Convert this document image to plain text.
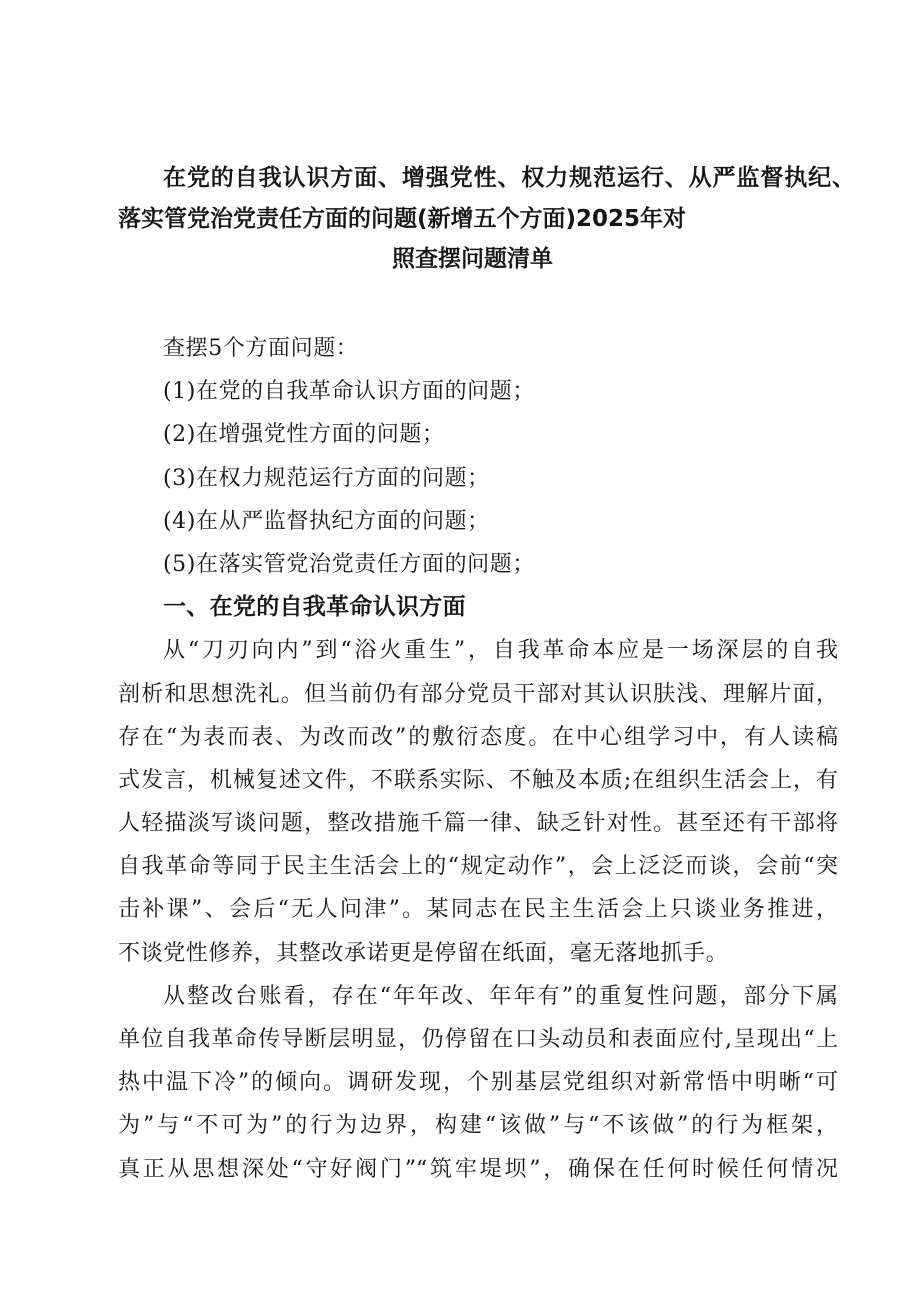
在党的自我认识方面、增强党性、权力规范运行、从严监督执纪、
落实管党治党责任方面的问题(新增五个方面)2025年对
照查摆问题清单
查摆5个方面问题：
(1)在党的自我革命认识方面的问题；
(2)在增强党性方面的问题；
(3)在权力规范运行方面的问题；
(4)在从严监督执纪方面的问题；
(5)在落实管党治党责任方面的问题；
一、在党的自我革命认识方面
从“刀刃向内”到“浴火重生”，自我革命本应是一场深层的自我
剖析和思想洗礼。但当前仍有部分党员干部对其认识肤浅、理解片面，
存在“为表而表、为改而改”的敷衍态度。在中心组学习中，有人读稿
式发言，机械复述文件，不联系实际、不触及本质;在组织生活会上，有
人轻描淡写谈问题，整改措施千篇一律、缺乏针对性。甚至还有干部将
自我革命等同于民主生活会上的“规定动作”，会上泛泛而谈，会前“突
击补课”、会后“无人问津”。某同志在民主生活会上只谈业务推进，
不谈党性修养，其整改承诺更是停留在纸面，毫无落地抓手。
从整改台账看，存在“年年改、年年有”的重复性问题，部分下属
单位自我革命传导断层明显，仍停留在口头动员和表面应付,呈现出“上
热中温下冷”的倾向。调研发现，个别基层党组织对新常悟中明晰“可
为”与“不可为”的行为边界，构建“该做”与“不该做”的行为框架，
真正从思想深处“守好阀门”“筑牢堤坝”，确保在任何时候任何情况
